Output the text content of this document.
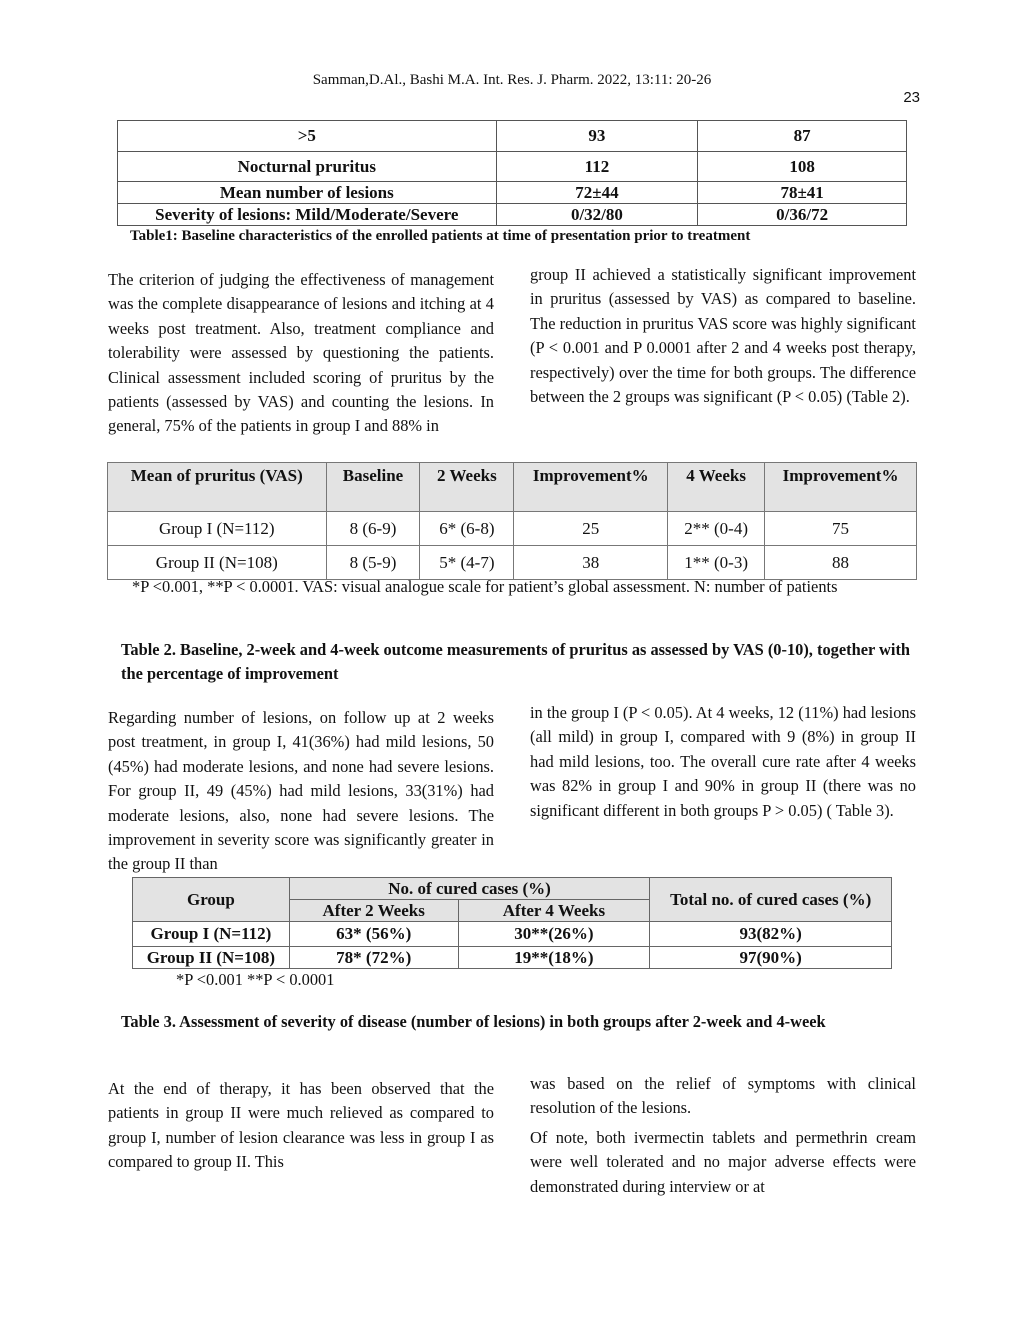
Samman,D.Al., Bashi M.A. Int. Res. J. Pharm. 2022, 13:11: 20-26
23
>5	93	87
Nocturnal pruritus	112	108
Mean number of lesions	72±44	78±41
Severity of lesions: Mild/Moderate/Severe	0/32/80	0/36/72
Table1: Baseline characteristics of the enrolled patients at time of presentation prior to treatment
The criterion of judging the effectiveness of management was the complete disappearance of lesions and itching at 4 weeks post treatment. Also, treatment compliance and tolerability were assessed by questioning the patients. Clinical assessment included scoring of pruritus by the patients (assessed by VAS) and counting the lesions. In general, 75% of the patients in group I and 88% in
group II achieved a statistically significant improvement in pruritus (assessed by VAS) as compared to baseline. The reduction in pruritus VAS score was highly significant (P < 0.001 and P 0.0001 after 2 and 4 weeks post therapy, respectively) over the time for both groups. The difference between the 2 groups was significant (P < 0.05) (Table 2).
Mean of pruritus (VAS)	Baseline	2 Weeks	Improvement%	4 Weeks	Improvement%
Group I (N=112)	8 (6-9)	6* (6-8)	25	2** (0-4)	75
Group II (N=108)	8 (5-9)	5* (4-7)	38	1** (0-3)	88
*P <0.001, **P < 0.0001. VAS: visual analogue scale for patient’s global assessment. N: number of patients
Table 2. Baseline, 2-week and 4-week outcome measurements of pruritus as assessed by VAS (0-10), together with the percentage of improvement
Regarding number of lesions, on follow up at 2 weeks post treatment, in group I, 41(36%) had mild lesions, 50 (45%) had moderate lesions, and none had severe lesions. For group II, 49 (45%) had mild lesions, 33(31%) had moderate lesions, also, none had severe lesions. The improvement in severity score was significantly greater in the group II than
in the group I (P < 0.05). At 4 weeks, 12 (11%) had lesions (all mild) in group I, compared with 9 (8%) in group II had mild lesions, too. The overall cure rate after 4 weeks was 82% in group I and 90% in group II (there was no significant different in both groups P > 0.05) ( Table 3).
Group	No. of cured cases (%)		Total no. of cured cases (%)
	After 2 Weeks	After 4 Weeks	
Group I (N=112)	63* (56%)	30**(26%)	93(82%)
Group II (N=108)	78* (72%)	19**(18%)	97(90%)
*P <0.001 **P < 0.0001
Table 3. Assessment of severity of disease (number of lesions) in both groups after 2-week and 4-week
At the end of therapy, it has been observed that the patients in group II were much relieved as compared to group I, number of lesion clearance was less in group I as compared to group II. This
was based on the relief of symptoms with clinical resolution of the lesions.
Of note, both ivermectin tablets and permethrin cream were well tolerated and no major adverse effects were demonstrated during interview or at
